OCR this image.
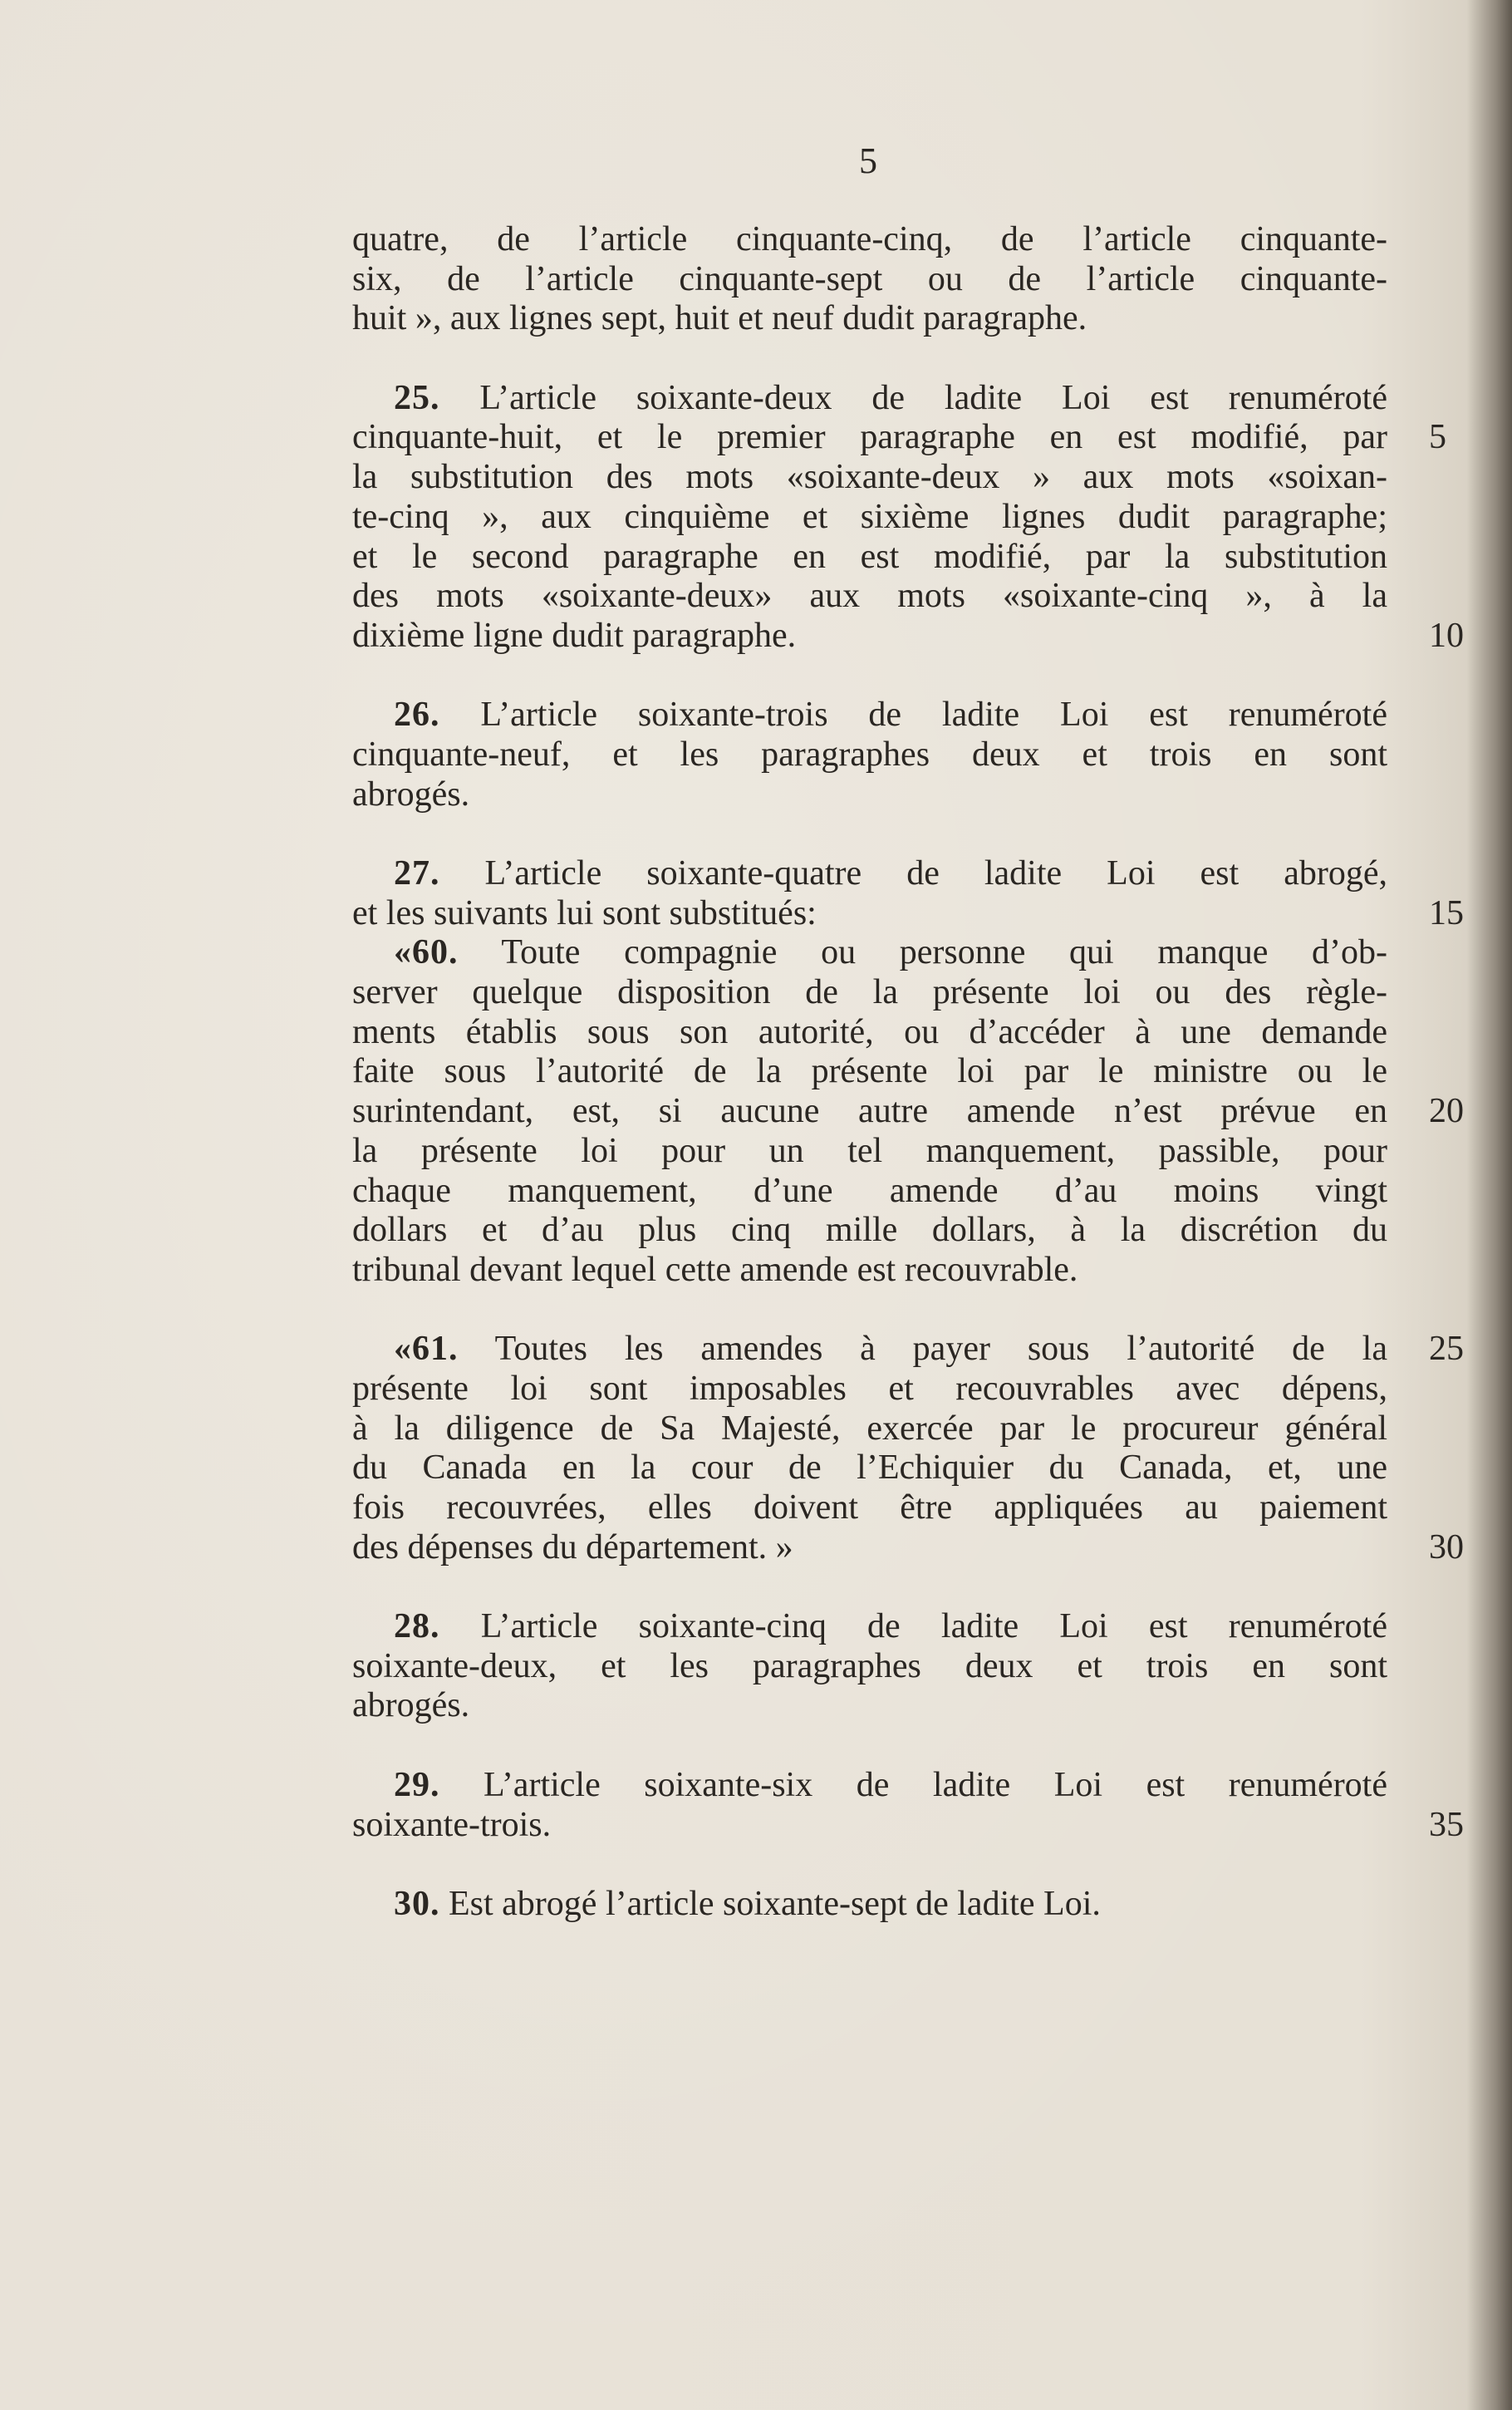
5
quatre, de l’article cinquante-cinq, de l’article cinquante-
six, de l’article cinquante-sept ou de l’article cinquante-
huit », aux lignes sept, huit et neuf dudit paragraphe.
25. L’article soixante-deux de ladite Loi est renuméroté
cinquante-huit, et le premier paragraphe en est modifié, par 5
la substitution des mots «soixante-deux » aux mots «soixan-
te-cinq », aux cinquième et sixième lignes dudit paragraphe;
et le second paragraphe en est modifié, par la substitution
des mots «soixante-deux» aux mots «soixante-cinq », à la
dixième ligne dudit paragraphe.	10
26. L’article soixante-trois de ladite Loi est renuméroté
cinquante-neuf, et les paragraphes deux et trois en sont
abrogés.
27. L’article soixante-quatre de ladite Loi est abrogé,
et les suivants lui sont substitués:	15
«60. Toute compagnie ou personne qui manque d’ob-
server quelque disposition de la présente loi ou des règle-
ments établis sous son autorité, ou d’accéder à une demande
faite sous l’autorité de la présente loi par le ministre ou le
surintendant, est, si aucune autre amende n’est prévue en 20
la présente loi pour un tel manquement, passible, pour
chaque manquement, d’une amende d’au moins vingt
dollars et d’au plus cinq mille dollars, à la discrétion du
tribunal devant lequel cette amende est recouvrable.
«61. Toutes les amendes à payer sous l’autorité de la 25
présente loi sont imposables et recouvrables avec dépens,
à la diligence de Sa Majesté, exercée par le procureur général
du Canada en la cour de l’Echiquier du Canada, et, une
fois recouvrées, elles doivent être appliquées au paiement
des dépenses du département. »	30
28. L’article soixante-cinq de ladite Loi est renuméroté
soixante-deux, et les paragraphes deux et trois en sont
abrogés.
29. L’article soixante-six de ladite Loi est renuméroté
soixante-trois.	35
30. Est abrogé l’article soixante-sept de ladite Loi.
